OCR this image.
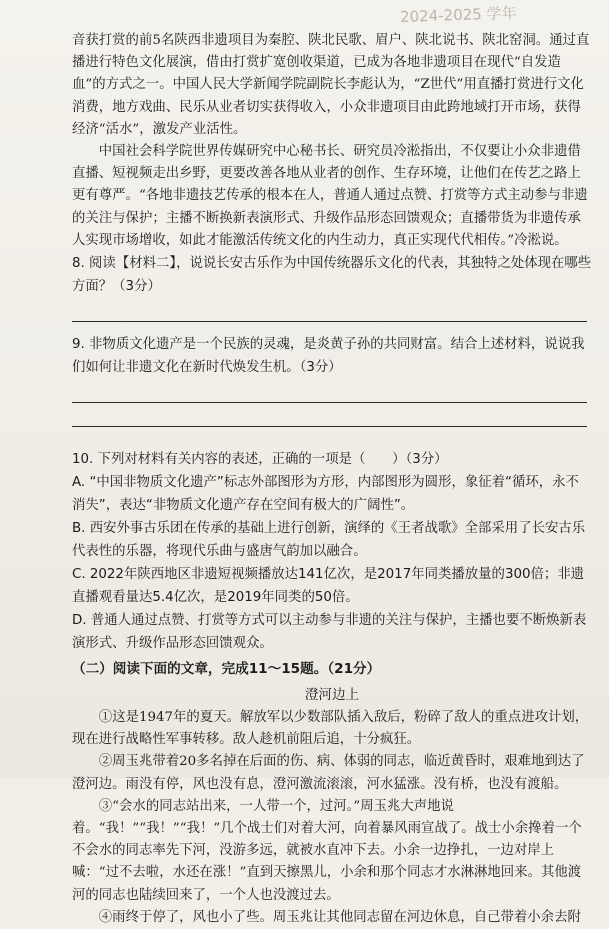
2024-2025 学年

音获打赏的前5名陕西非遗项目为秦腔、陕北民歌、眉户、陕北说书、陕北窑洞。通过直播进行特色文化展演，借由打赏扩宽创收渠道，已成为各地非遗项目在现代“自发造血”的方式之一。中国人民大学新闻学院副院长李彪认为，“Z世代”用直播打赏进行文化消费，地方戏曲、民乐从业者切实获得收入，小众非遗项目由此跨地域打开市场，获得经济“活水”，激发产业活性。

中国社会科学院世界传媒研究中心秘书长、研究员冷淞指出，不仅要让小众非遗借直播、短视频走出乡野，更要改善各地从业者的创作、生存环境，让他们在传艺之路上更有尊严。“各地非遗技艺传承的根本在人，普通人通过点赞、打赏等方式主动参与非遗的关注与保护；主播不断换新表演形式、升级作品形态回馈观众；直播带货为非遗传承人实现市场增收，如此才能激活传统文化的内生动力，真正实现代代相传。”冷淞说。

8. 阅读【材料二】，说说长安古乐作为中国传统器乐文化的代表，其独特之处体现在哪些方面？（3分）

9. 非物质文化遗产是一个民族的灵魂，是炎黄子孙的共同财富。结合上述材料，说说我们如何让非遗文化在新时代焕发生机。（3分）

10. 下列对材料有关内容的表述，正确的一项是（　　）（3分）

A. “中国非物质文化遗产”标志外部图形为方形，内部图形为圆形，象征着“循环，永不消失”，表达“非物质文化遗产存在空间有极大的广阔性”。

B. 西安外事古乐团在传承的基础上进行创新，演绎的《王者战歌》全部采用了长安古乐代表性的乐器，将现代乐曲与盛唐气韵加以融合。

C. 2022年陕西地区非遗短视频播放达141亿次，是2017年同类播放量的300倍；非遗直播观看量达5.4亿次，是2019年同类的50倍。

D. 普通人通过点赞、打赏等方式可以主动参与非遗的关注与保护，主播也要不断焕新表演形式、升级作品形态回馈观众。

（二）阅读下面的文章，完成11～15题。（21分）

澄河边上

①这是1947年的夏天。解放军以少数部队插入敌后，粉碎了敌人的重点进攻计划，现在进行战略性军事转移。敌人趁机前阻后追，十分疯狂。

②周玉兆带着20多名掉在后面的伤、病、体弱的同志，临近黄昏时，艰难地到达了澄河边。雨没有停，风也没有息，澄河激流滚滚，河水猛涨。没有桥，也没有渡船。

③“会水的同志站出来，一人带一个，过河。”周玉兆大声地说着。“我！”“我！”“我！”几个战士们对着大河，向着暴风雨宣战了。战士小余搀着一个不会水的同志率先下河，没游多远，就被水直冲下去。小余一边挣扎，一边对岸上喊：“过不去啦，水还在涨！”直到天擦黑儿，小余和那个同志才水淋淋地回来。其他渡河的同志也陆续回来了，一个人也没渡过去。

④雨终于停了，风也小了些。周玉兆让其他同志留在河边休息，自己带着小余去附
